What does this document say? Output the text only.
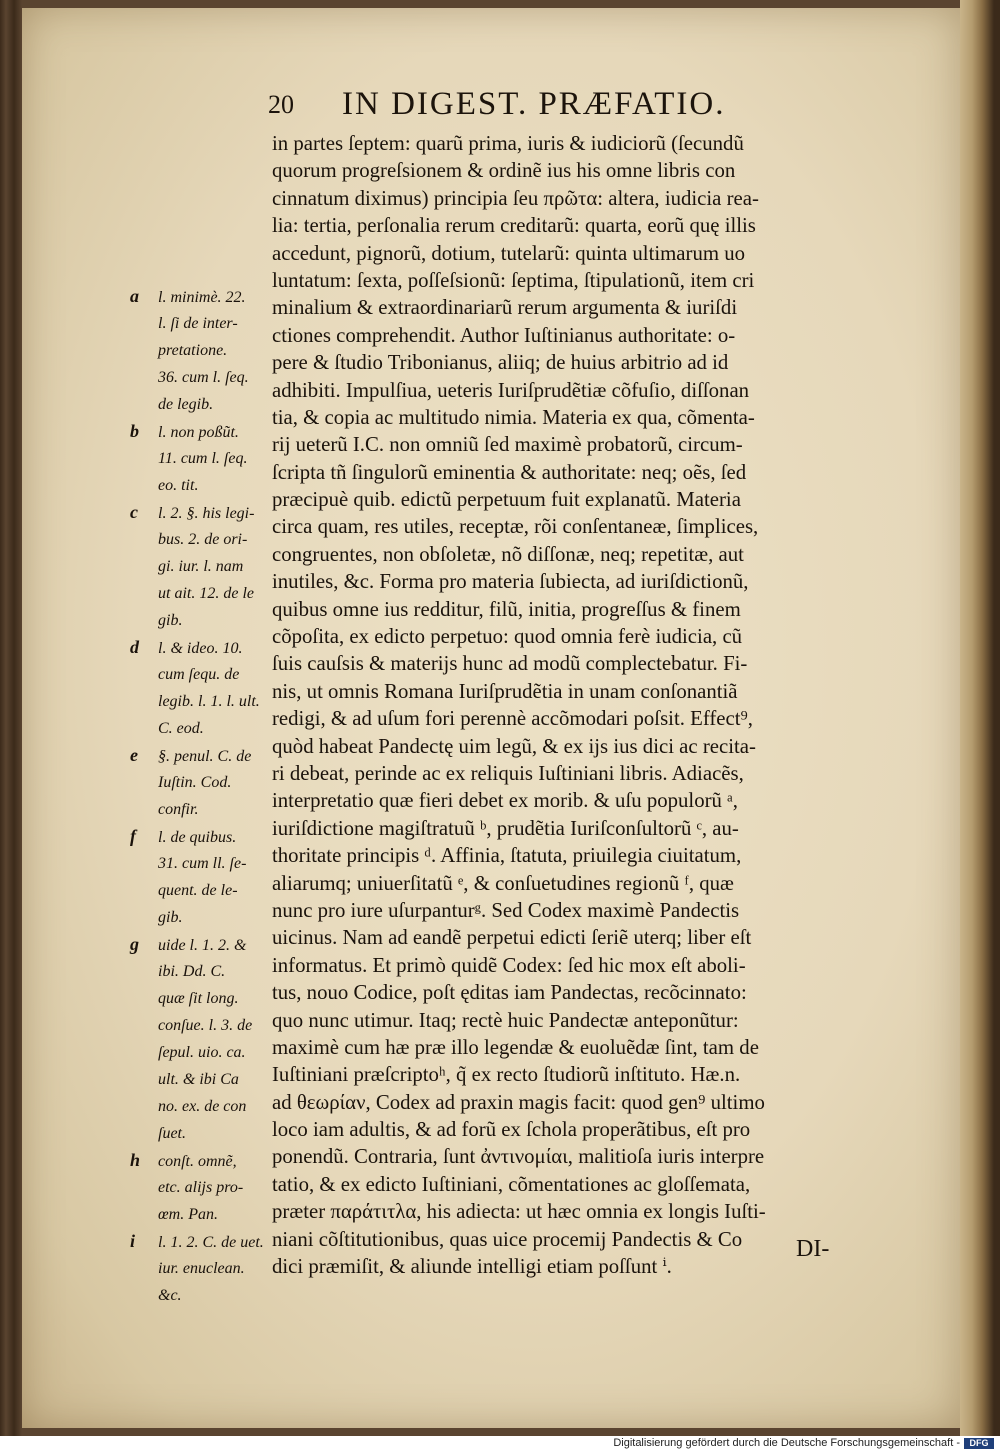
20 IN DIGEST. PRÆFATIO.
in partes ſeptem: quarũ prima, iuris & iudiciorũ (ſecundũ
quorum progreſsionem & ordinẽ ius his omne libris con
cinnatum diximus) principia ſeu πρῶτα: altera, iudicia rea-
lia: tertia, perſonalia rerum creditarũ: quarta, eorũ quę illis
accedunt, pignorũ, dotium, tutelarũ: quinta ultimarum uo
luntatum: ſexta, poſſeſsionũ: ſeptima, ſtipulationũ, item cri
minalium & extraordinariarũ rerum argumenta & iuriſdi
ctiones comprehendit. Author Iuſtinianus authoritate: o-
pere & ſtudio Tribonianus, aliiq; de huius arbitrio ad id
adhibiti. Impulſiua, ueteris Iuriſprudẽtiæ cõfuſio, diſſonan
tia, & copia ac multitudo nimia. Materia ex qua, cõmenta-
rij ueterũ I.C. non omniũ ſed maximè probatorũ, circum-
ſcripta tñ ſingulorũ eminentia & authoritate: neq; oẽs, ſed
præcipuè quib. edictũ perpetuum fuit explanatũ. Materia
circa quam, res utiles, receptæ, rõi conſentaneæ, ſimplices,
congruentes, non obſoletæ, nõ diſſonæ, neq; repetitæ, aut
inutiles, &c. Forma pro materia ſubiecta, ad iuriſdictionũ,
quibus omne ius redditur, filũ, initia, progreſſus & finem
cõpoſita, ex edicto perpetuo: quod omnia ferè iudicia, cũ
ſuis cauſsis & materijs hunc ad modũ complectebatur. Fi-
nis, ut omnis Romana Iuriſprudẽtia in unam conſonantiã
redigi, & ad uſum fori perennè accõmodari poſsit. Effect⁹,
quòd habeat Pandectę uim legũ, & ex ijs ius dici ac recita-
ri debeat, perinde ac ex reliquis Iuſtiniani libris. Adiacẽs,
interpretatio quæ fieri debet ex morib. & uſu populorũ ᵃ,
iuriſdictione magiſtratuũ ᵇ, prudẽtia Iuriſconſultorũ ᶜ, au-
thoritate principis ᵈ. Affinia, ſtatuta, priuilegia ciuitatum,
aliarumq; uniuerſitatũ ᵉ, & conſuetudines regionũ ᶠ, quæ
nunc pro iure uſurpanturᵍ. Sed Codex maximè Pandectis
uicinus. Nam ad eandẽ perpetui edicti ſeriẽ uterq; liber eſt
informatus. Et primò quidẽ Codex: ſed hic mox eſt aboli-
tus, nouo Codice, poſt ęditas iam Pandectas, recõcinnato:
quo nunc utimur. Itaq; rectè huic Pandectæ anteponũtur:
maximè cum hæ præ illo legendæ & euoluẽdæ ſint, tam de
Iuſtiniani præſcriptoʰ, q̃ ex recto ſtudiorũ inſtituto. Hæ.n.
ad θεωρίαν, Codex ad praxin magis facit: quod gen⁹ ultimo
loco iam adultis, & ad forũ ex ſchola properãtibus, eſt pro
ponendũ. Contraria, ſunt ἀντινομίαι, malitioſa iuris interpre
tatio, & ex edicto Iuſtiniani, cõmentationes ac gloſſemata,
præter παράτιτλα, his adiecta: ut hæc omnia ex longis Iuſti-
niani cõſtitutionibus, quas uice procemij Pandectis & Co
dici præmiſit, & aliunde intelligi etiam poſſunt ⁱ.
a l. minimè. 22.
l. ſi de inter-
pretatione.
36. cum l. ſeq.
de legib.
b l. non poßũt.
11. cum l. ſeq.
eo. tit.
c l. 2. §. his legi-
bus. 2. de ori-
gi. iur. l. nam
ut ait. 12. de le
gib.
d l. & ideo. 10.
cum ſequ. de
legib. l. 1. l. ult.
C. eod.
e §. penul. C. de
Iuſtin. Cod.
confir.
f l. de quibus.
31. cum ll. ſe-
quent. de le-
gib.
g uide l. 1. 2. &
ibi. Dd. C.
quæ ſit long.
conſue. l. 3. de
ſepul. uio. ca.
ult. & ibi Ca
no. ex. de con
ſuet.
h conſt. omnẽ,
etc. alijs pro-
œm. Pan.
i l. 1. 2. C. de uet.
iur. enuclean.
&c.
DI-
Digitalisierung gefördert durch die Deutsche Forschungsgemeinschaft -	DFG
